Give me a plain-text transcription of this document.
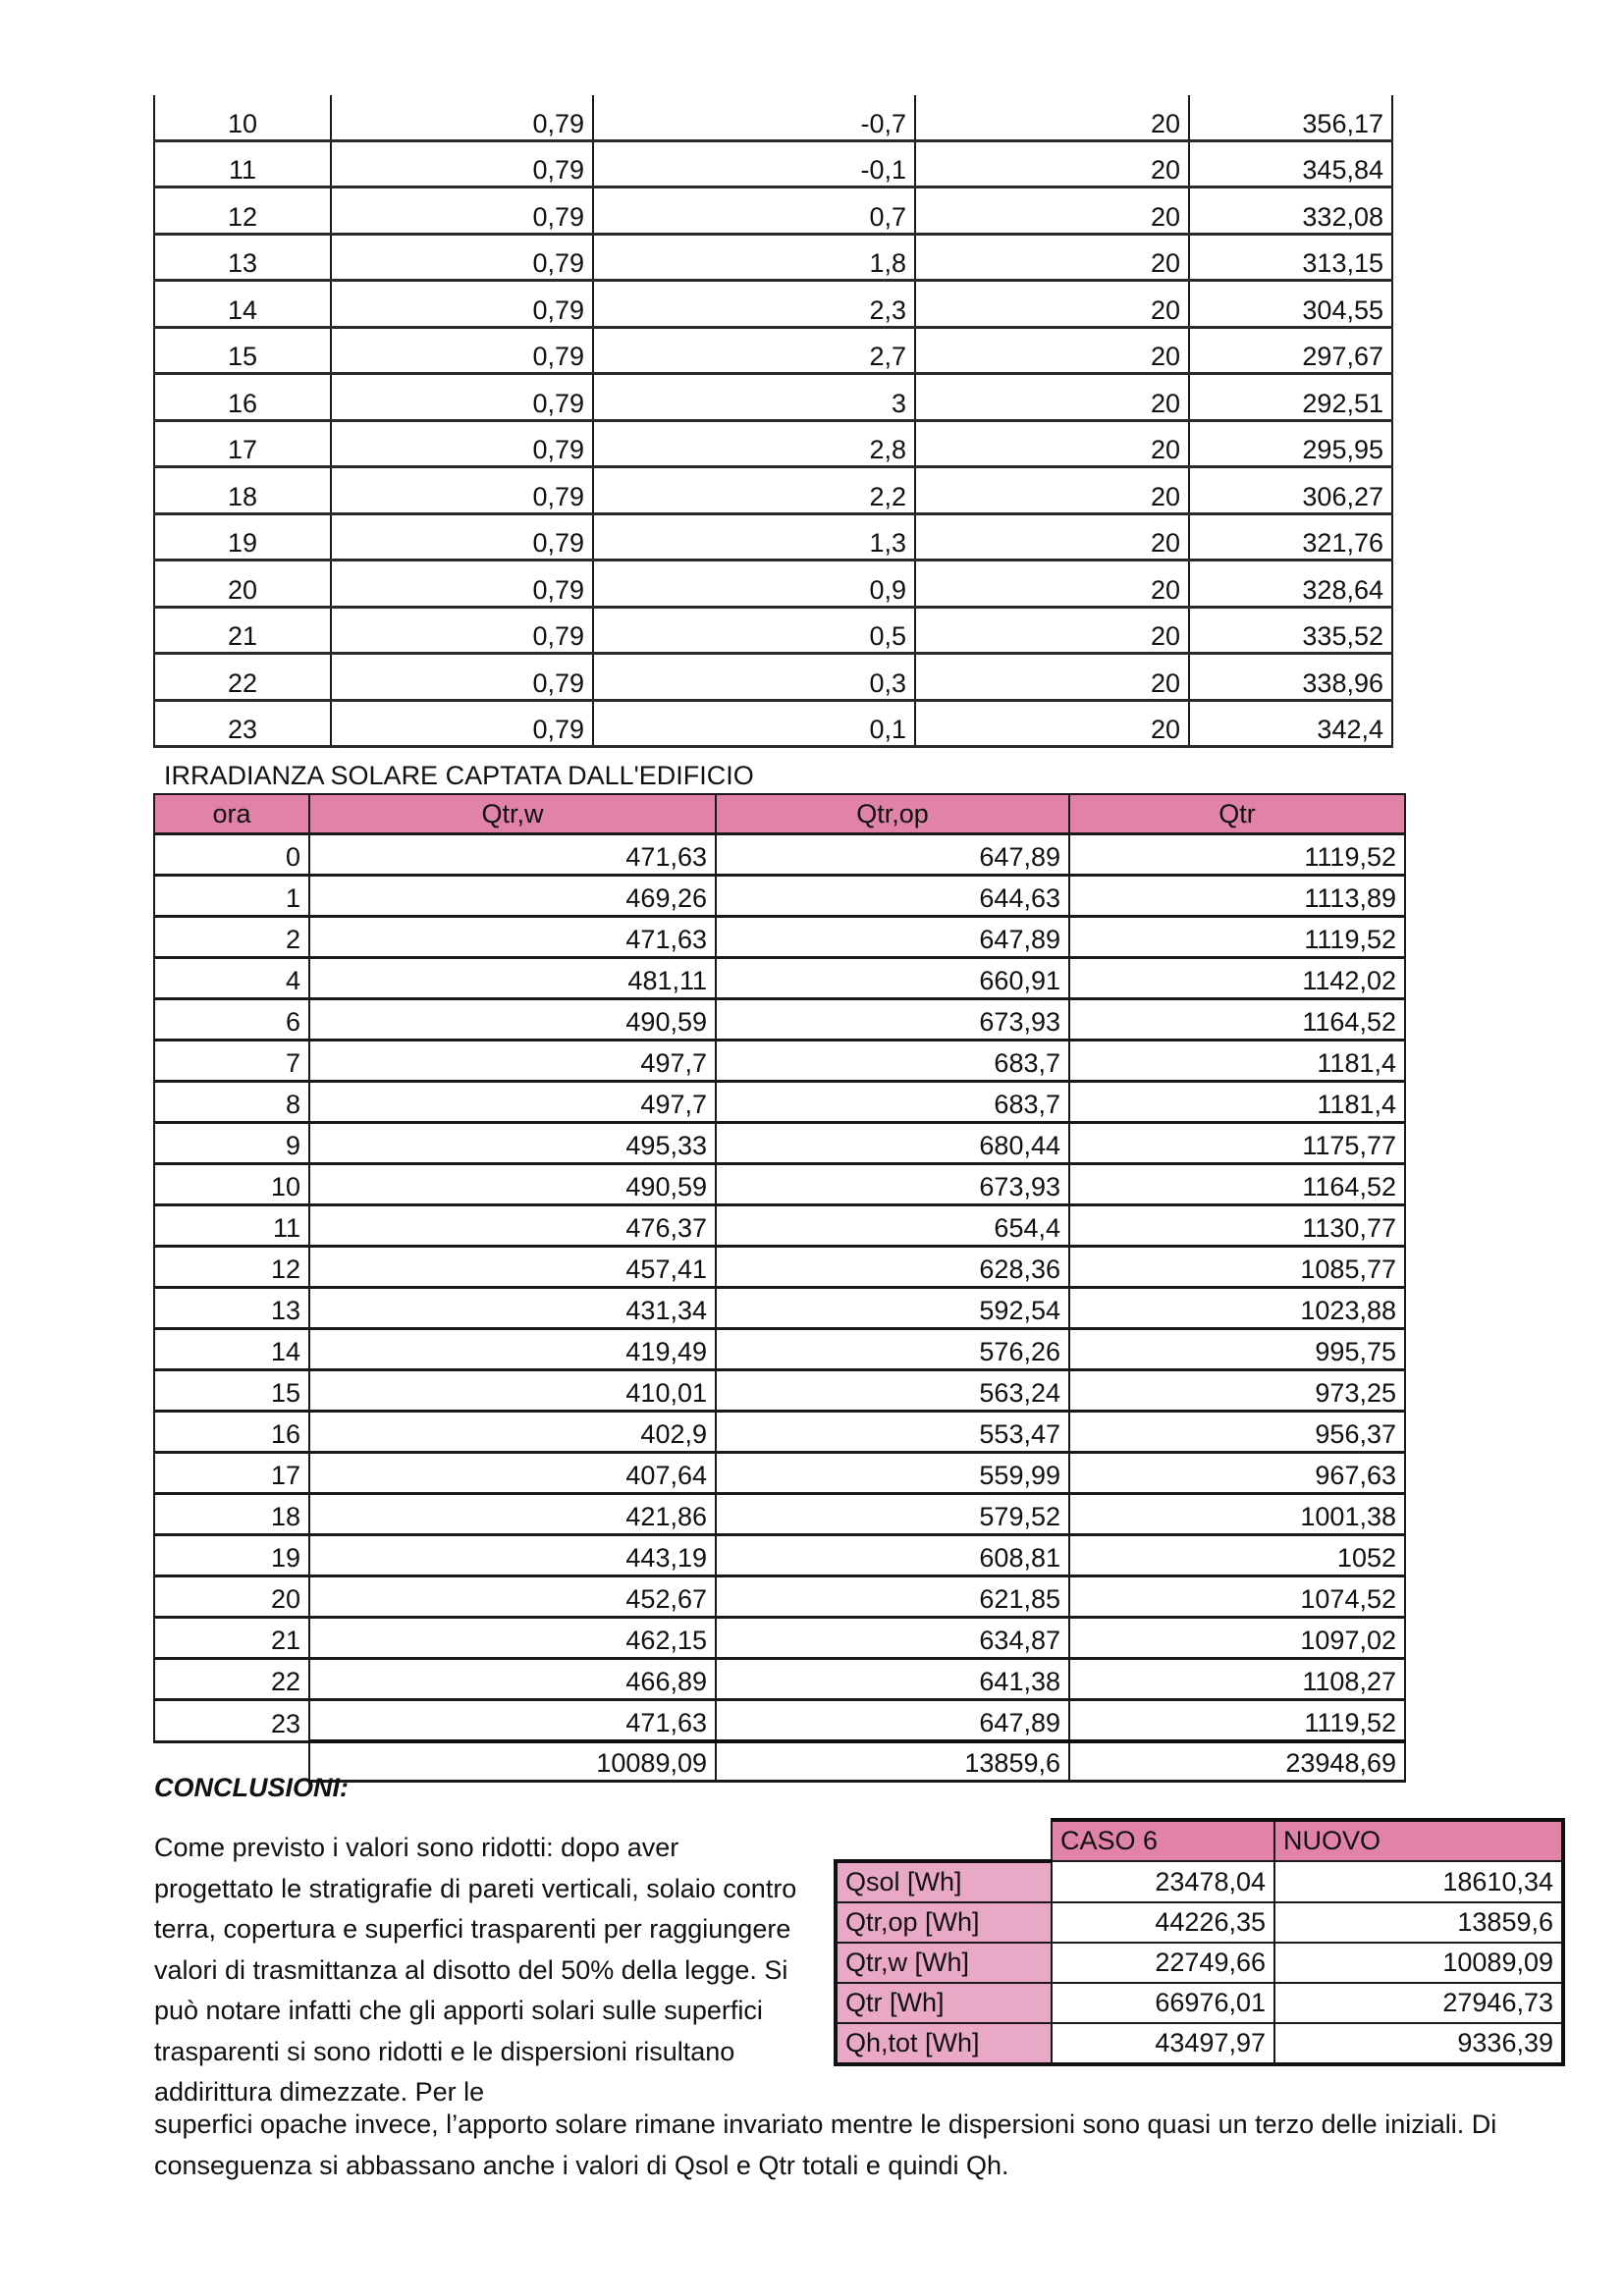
10	0,79	-0,7	20	356,17
11	0,79	-0,1	20	345,84
12	0,79	0,7	20	332,08
13	0,79	1,8	20	313,15
14	0,79	2,3	20	304,55
15	0,79	2,7	20	297,67
16	0,79	3	20	292,51
17	0,79	2,8	20	295,95
18	0,79	2,2	20	306,27
19	0,79	1,3	20	321,76
20	0,79	0,9	20	328,64
21	0,79	0,5	20	335,52
22	0,79	0,3	20	338,96
23	0,79	0,1	20	342,4
IRRADIANZA SOLARE CAPTATA DALL'EDIFICIO
ora	Qtr,w	Qtr,op	Qtr
0	471,63	647,89	1119,52
1	469,26	644,63	1113,89
2	471,63	647,89	1119,52
4	481,11	660,91	1142,02
6	490,59	673,93	1164,52
7	497,7	683,7	1181,4
8	497,7	683,7	1181,4
9	495,33	680,44	1175,77
10	490,59	673,93	1164,52
11	476,37	654,4	1130,77
12	457,41	628,36	1085,77
13	431,34	592,54	1023,88
14	419,49	576,26	995,75
15	410,01	563,24	973,25
16	402,9	553,47	956,37
17	407,64	559,99	967,63
18	421,86	579,52	1001,38
19	443,19	608,81	1052
20	452,67	621,85	1074,52
21	462,15	634,87	1097,02
22	466,89	641,38	1108,27
23	471,63	647,89	1119,52
	10089,09	13859,6	23948,69
CONCLUSIONI:
Come previsto i valori sono ridotti: dopo aver progettato le stratigrafie di pareti verticali, solaio contro terra, copertura e superfici trasparenti per raggiungere valori di trasmittanza al disotto del 50% della legge. Si può notare infatti che gli apporti solari sulle superfici trasparenti si sono ridotti e le dispersioni risultano addirittura dimezzate. Per le
superfici opache invece, l’apporto solare rimane invariato mentre le dispersioni sono quasi un terzo delle iniziali. Di conseguenza si abbassano anche i valori di Qsol e Qtr totali e quindi Qh.
	CASO 6	NUOVO
Qsol [Wh]	23478,04	18610,34
Qtr,op [Wh]	44226,35	13859,6
Qtr,w [Wh]	22749,66	10089,09
Qtr [Wh]	66976,01	27946,73
Qh,tot [Wh]	43497,97	9336,39
